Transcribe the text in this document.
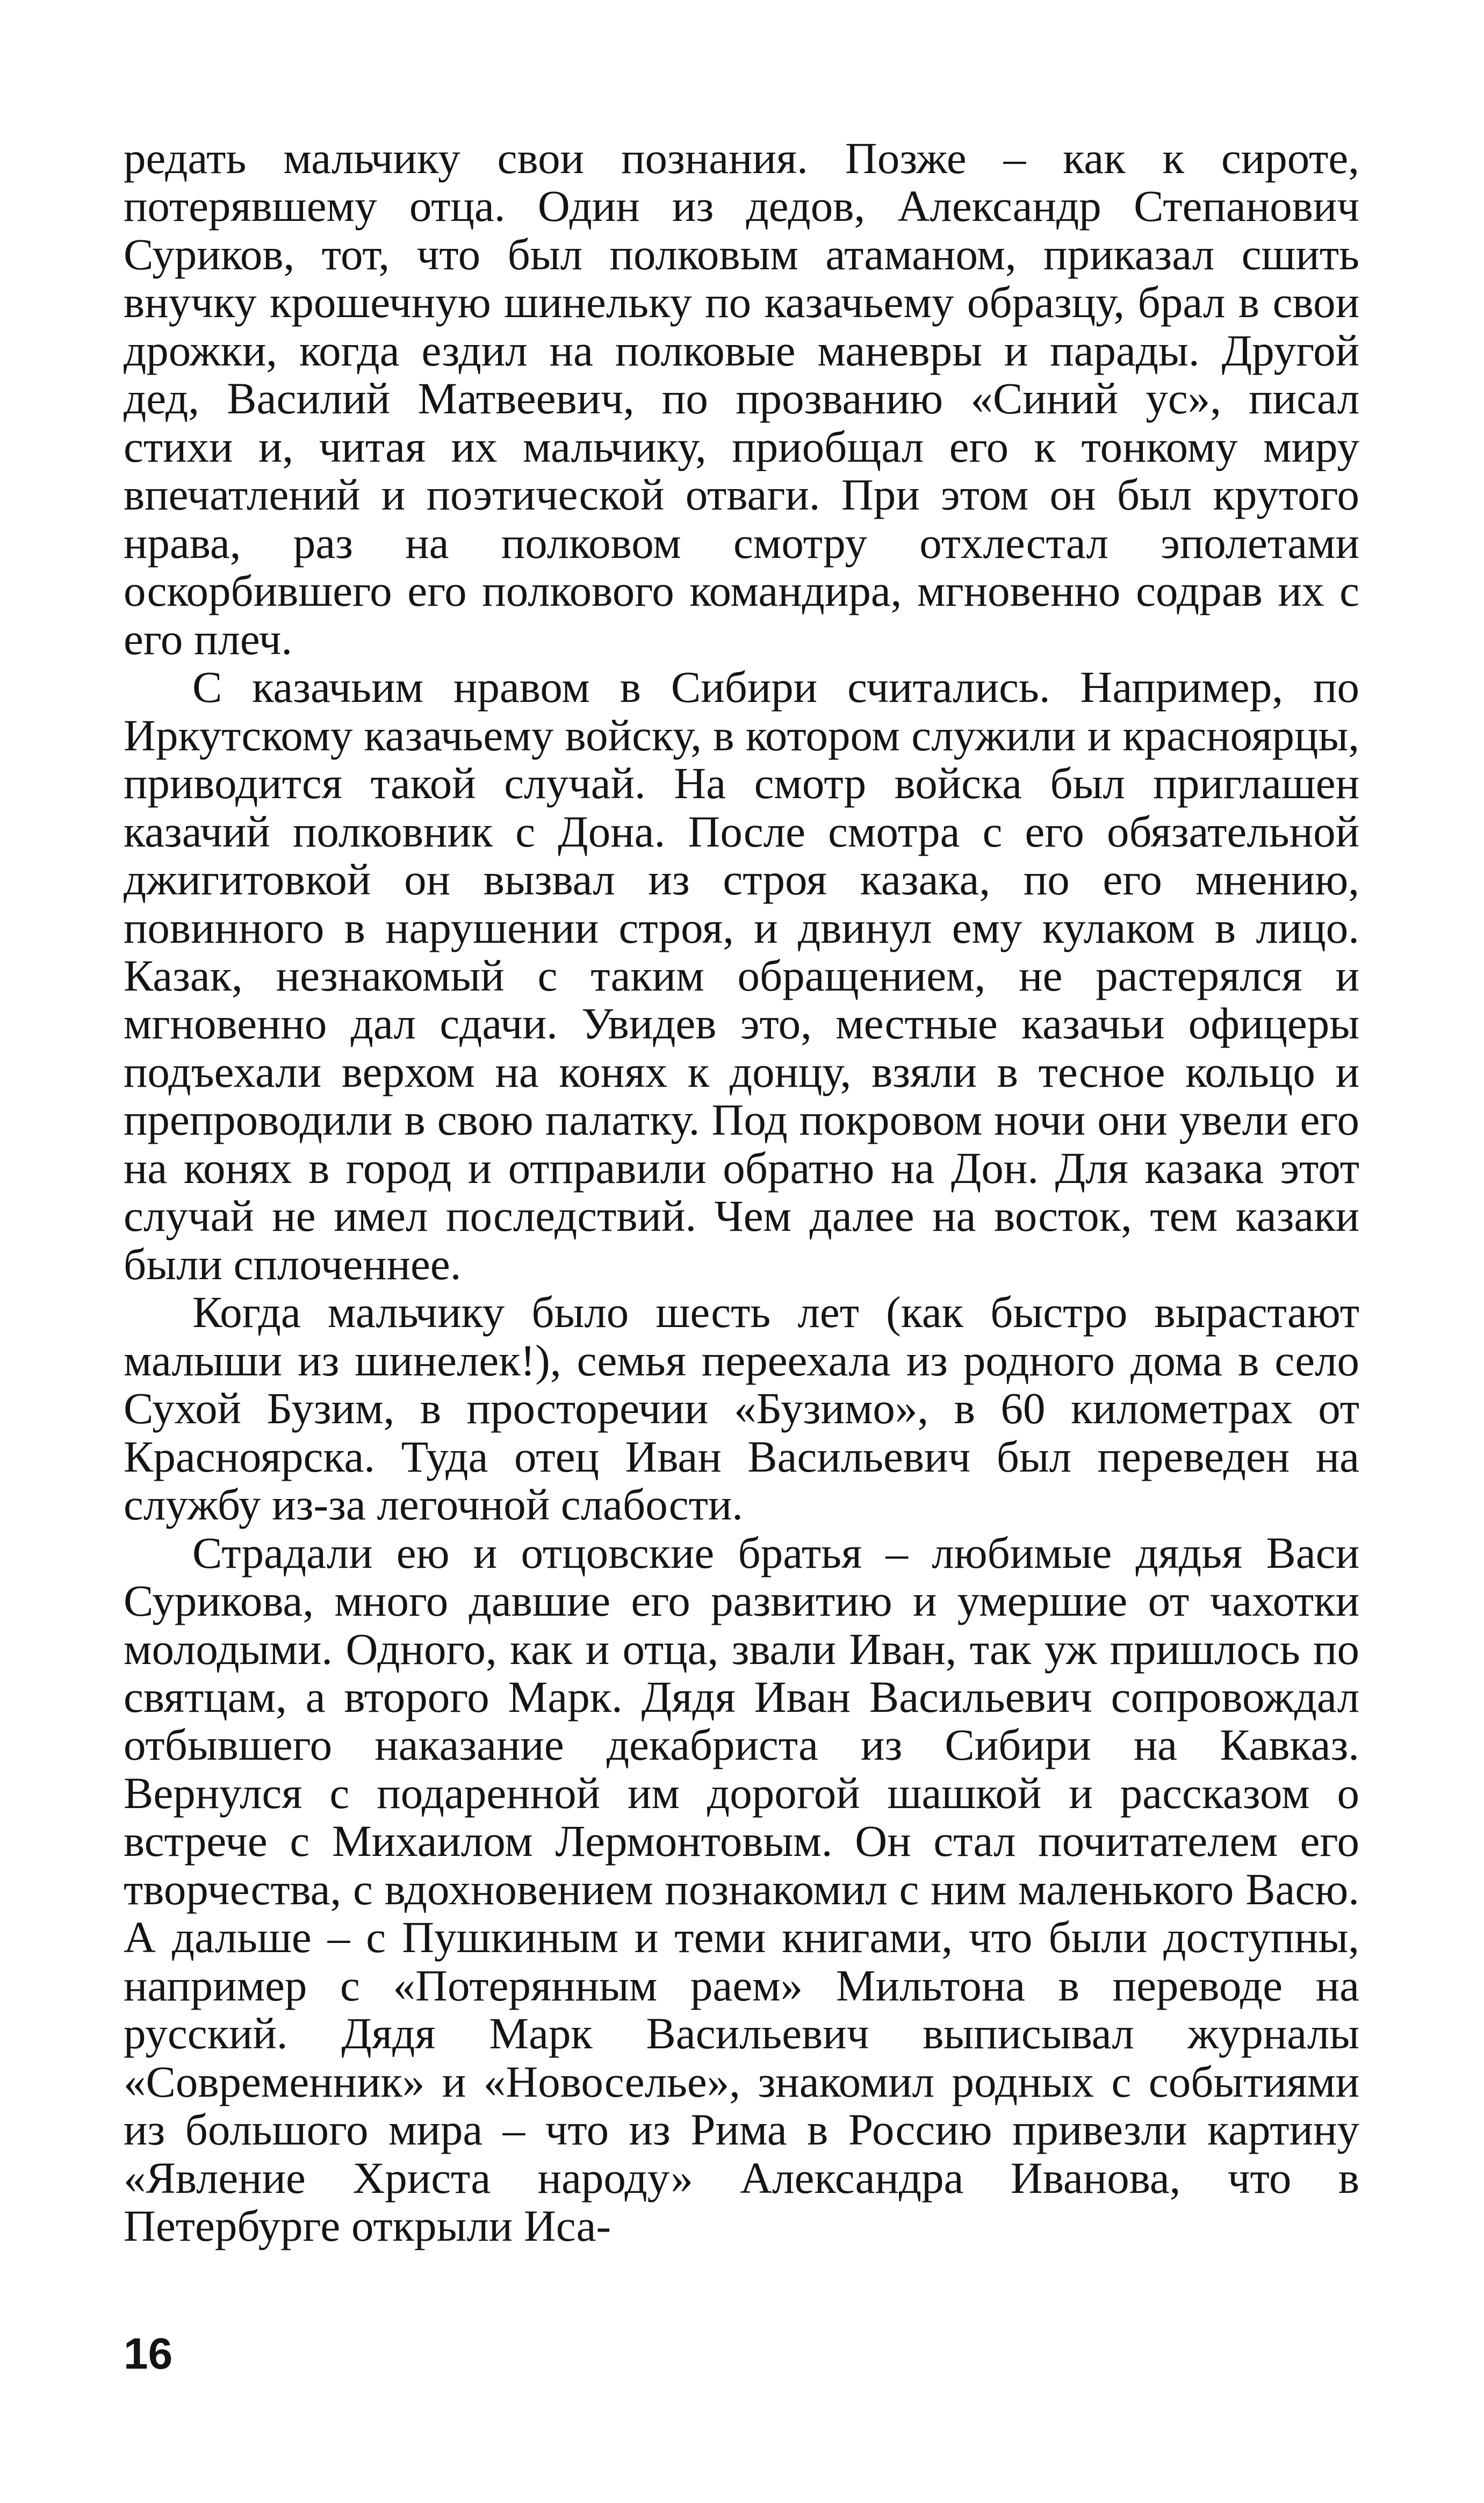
редать мальчику свои познания. Позже – как к сироте, потерявшему отца. Один из дедов, Александр Степанович Суриков, тот, что был полковым атаманом, приказал сшить внучку крошечную шинельку по казачьему образцу, брал в свои дрожки, когда ездил на полковые маневры и парады. Другой дед, Василий Матвеевич, по прозванию «Синий ус», писал стихи и, читая их мальчику, приобщал его к тонкому миру впечатлений и поэтической отваги. При этом он был крутого нрава, раз на полковом смотру отхлестал эполетами оскорбившего его полкового командира, мгновенно содрав их с его плеч.

С казачьим нравом в Сибири считались. Например, по Иркутскому казачьему войску, в котором служили и красноярцы, приводится такой случай. На смотр войска был приглашен казачий полковник с Дона. После смотра с его обязательной джигитовкой он вызвал из строя казака, по его мнению, повинного в нарушении строя, и двинул ему кулаком в лицо. Казак, незнакомый с таким обращением, не растерялся и мгновенно дал сдачи. Увидев это, местные казачьи офицеры подъехали верхом на конях к донцу, взяли в тесное кольцо и препроводили в свою палатку. Под покровом ночи они увели его на конях в город и отправили обратно на Дон. Для казака этот случай не имел последствий. Чем далее на восток, тем казаки были сплоченнее.

Когда мальчику было шесть лет (как быстро вырастают малыши из шинелек!), семья переехала из родного дома в село Сухой Бузим, в просторечии «Бузимо», в 60 километрах от Красноярска. Туда отец Иван Васильевич был переведен на службу из-за легочной слабости.

Страдали ею и отцовские братья – любимые дядья Васи Сурикова, много давшие его развитию и умершие от чахотки молодыми. Одного, как и отца, звали Иван, так уж пришлось по святцам, а второго Марк. Дядя Иван Васильевич сопровождал отбывшего наказание декабриста из Сибири на Кавказ. Вернулся с подаренной им дорогой шашкой и рассказом о встрече с Михаилом Лермонтовым. Он стал почитателем его творчества, с вдохновением познакомил с ним маленького Васю. А дальше – с Пушкиным и теми книгами, что были доступны, например с «Потерянным раем» Мильтона в переводе на русский. Дядя Марк Васильевич выписывал журналы «Современник» и «Новоселье», знакомил родных с событиями из большого мира – что из Рима в Россию привезли картину «Явление Христа народу» Александра Иванова, что в Петербурге открыли Иса-

16
